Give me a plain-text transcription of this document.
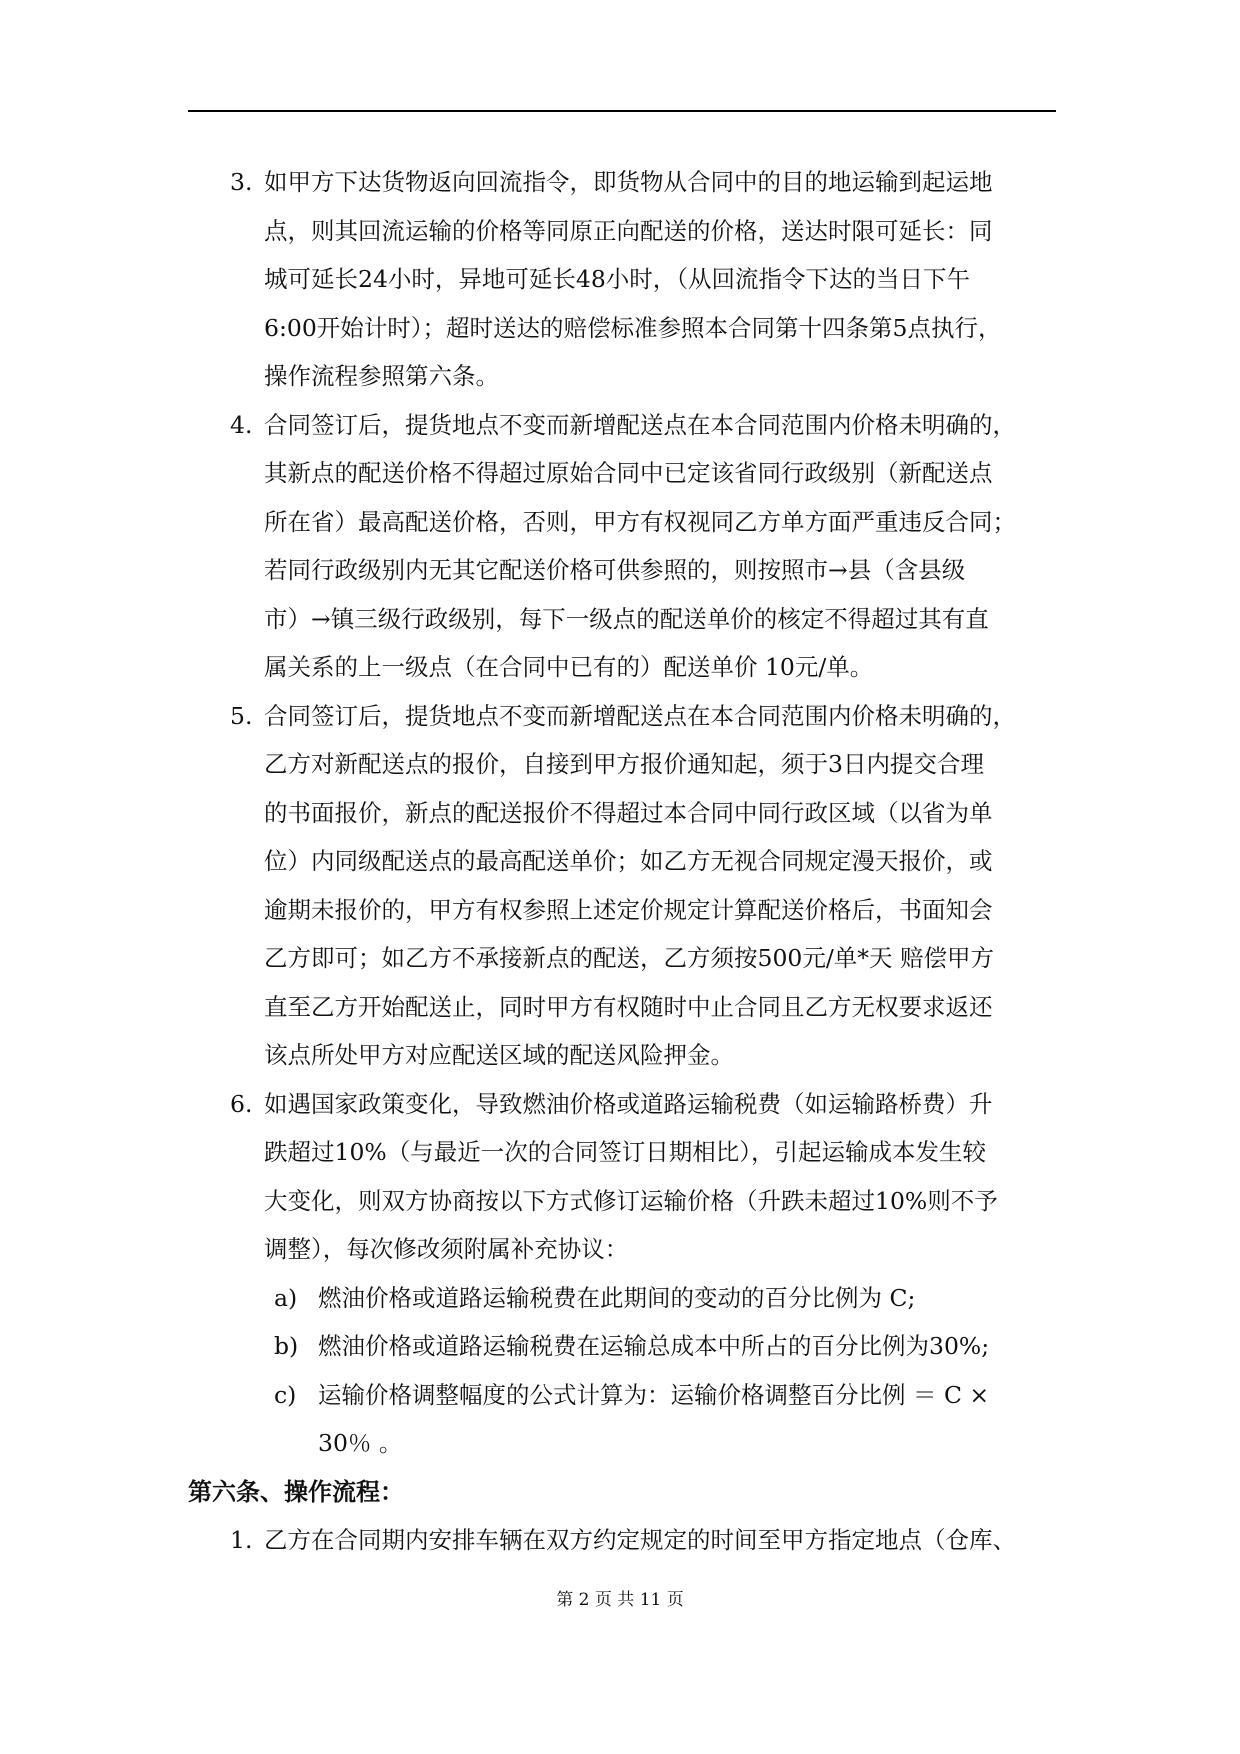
3. 如甲方下达货物返向回流指令，即货物从合同中的目的地运输到起运地
点，则其回流运输的价格等同原正向配送的价格，送达时限可延长：同
城可延长24小时，异地可延长48小时，（从回流指令下达的当日下午
6:00开始计时）；超时送达的赔偿标准参照本合同第十四条第5点执行，
操作流程参照第六条。
4. 合同签订后，提货地点不变而新增配送点在本合同范围内价格未明确的，
其新点的配送价格不得超过原始合同中已定该省同行政级别（新配送点
所在省）最高配送价格，否则，甲方有权视同乙方单方面严重违反合同；
若同行政级别内无其它配送价格可供参照的，则按照市→县（含县级
市）→镇三级行政级别，每下一级点的配送单价的核定不得超过其有直
属关系的上一级点（在合同中已有的）配送单价 10元/单。
5. 合同签订后，提货地点不变而新增配送点在本合同范围内价格未明确的，
乙方对新配送点的报价，自接到甲方报价通知起，须于3日内提交合理
的书面报价，新点的配送报价不得超过本合同中同行政区域（以省为单
位）内同级配送点的最高配送单价；如乙方无视合同规定漫天报价，或
逾期未报价的，甲方有权参照上述定价规定计算配送价格后，书面知会
乙方即可；如乙方不承接新点的配送，乙方须按500元/单*天 赔偿甲方
直至乙方开始配送止，同时甲方有权随时中止合同且乙方无权要求返还
该点所处甲方对应配送区域的配送风险押金。
6. 如遇国家政策变化，导致燃油价格或道路运输税费（如运输路桥费）升
跌超过10%（与最近一次的合同签订日期相比），引起运输成本发生较
大变化，则双方协商按以下方式修订运输价格（升跌未超过10%则不予
调整），每次修改须附属补充协议：
a) 燃油价格或道路运输税费在此期间的变动的百分比例为 C;
b) 燃油价格或道路运输税费在运输总成本中所占的百分比例为30%;
c) 运输价格调整幅度的公式计算为：运输价格调整百分比例 ＝ C ×
30％ 。
第六条、操作流程：
1. 乙方在合同期内安排车辆在双方约定规定的时间至甲方指定地点（仓库、
第 2 页 共 11 页
